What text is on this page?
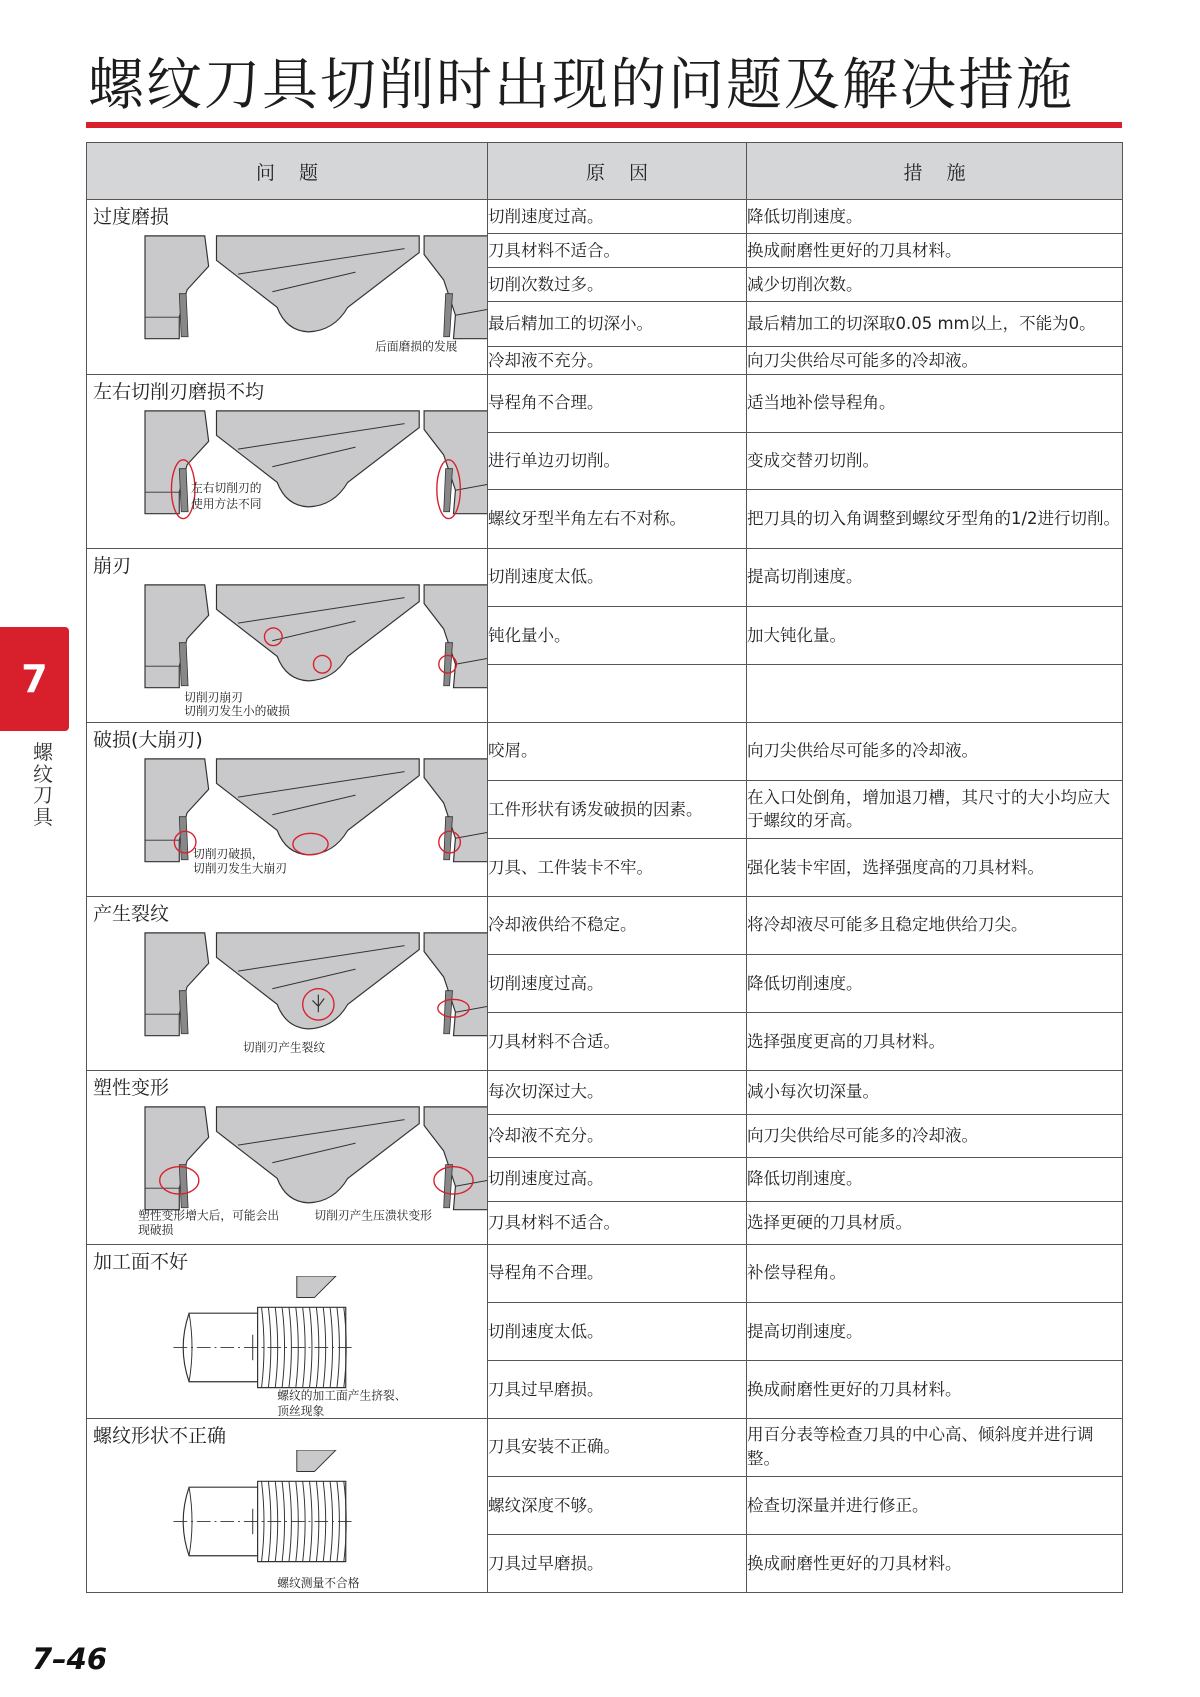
螺纹刀具切削时出现的问题及解决措施
问题	原因	措施

过度磨损
后面磨损的发展	切削速度过高。	降低切削速度。
	刀具材料不适合。	换成耐磨性更好的刀具材料。
	切削次数过多。	减少切削次数。
	最后精加工的切深小。	最后精加工的切深取0.05 mm以上，不能为0。
	冷却液不充分。	向刀尖供给尽可能多的冷却液。

左右切削刃磨损不均
左右切削刃的
使用方法不同	导程角不合理。	适当地补偿导程角。
	进行单边刃切削。	变成交替刃切削。
	螺纹牙型半角左右不对称。	把刀具的切入角调整到螺纹牙型角的1/2进行切削。

崩刃
切削刃崩刃
切削刃发生小的破损	切削速度太低。	提高切削速度。
	钝化量小。	加大钝化量。

破损(大崩刃)
切削刃破损，
切削刃发生大崩刃	咬屑。	向刀尖供给尽可能多的冷却液。
	工件形状有诱发破损的因素。	在入口处倒角，增加退刀槽，其尺寸的大小均应大 于螺纹的牙高。
	刀具、工件装卡不牢。	强化装卡牢固，选择强度高的刀具材料。

产生裂纹
切削刃产生裂纹	冷却液供给不稳定。	将冷却液尽可能多且稳定地供给刀尖。
	切削速度过高。	降低切削速度。
	刀具材料不合适。	选择强度更高的刀具材料。

塑性变形
塑性变形增大后，可能会出
现破损
切削刃产生压溃状变形	每次切深过大。	减小每次切深量。
	冷却液不充分。	向刀尖供给尽可能多的冷却液。
	切削速度过高。	降低切削速度。
	刀具材料不适合。	选择更硬的刀具材质。

加工面不好
螺纹的加工面产生挤裂、
顶丝现象	导程角不合理。	补偿导程角。
	切削速度太低。	提高切削速度。
	刀具过早磨损。	换成耐磨性更好的刀具材料。

螺纹形状不正确
螺纹测量不合格	刀具安装不正确。	用百分表等检查刀具的中心高、倾斜度并进行调整。
	螺纹深度不够。	检查切深量并进行修正。
	刀具过早磨损。	换成耐磨性更好的刀具材料。
7
螺纹刀具
7–46
